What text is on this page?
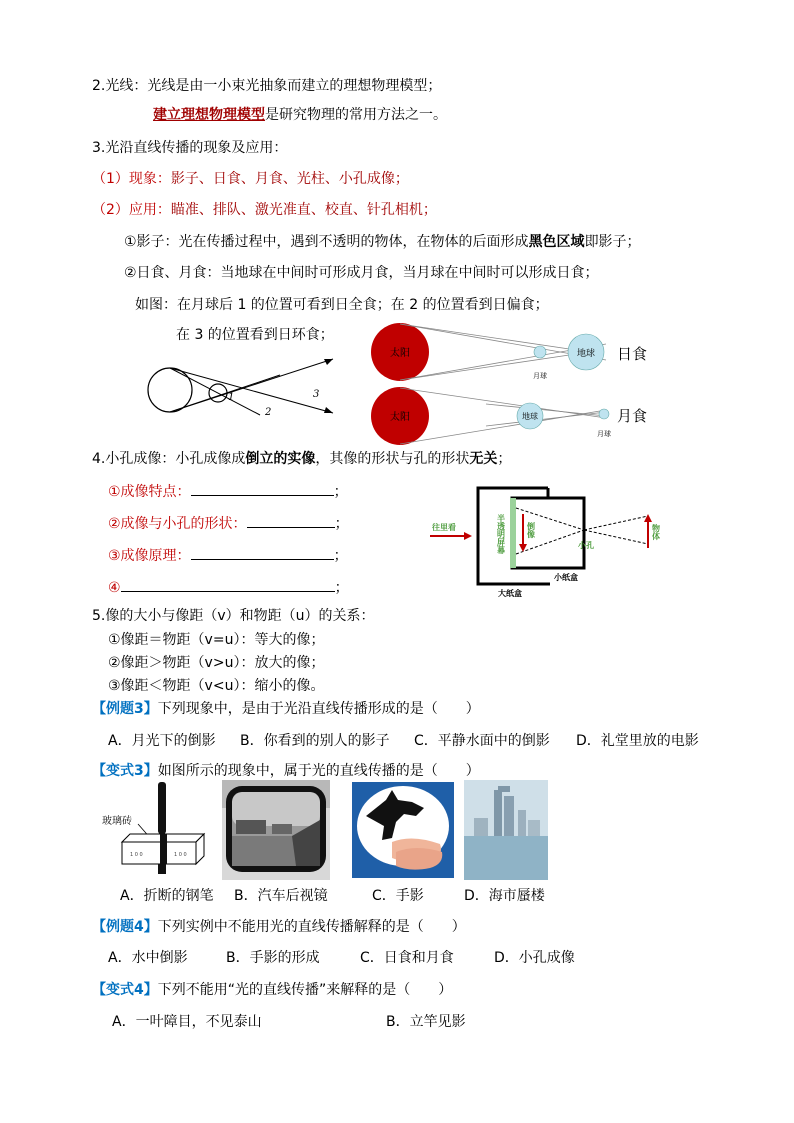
2.光线：光线是由一小束光抽象而建立的理想物理模型；
建立理想物理模型是研究物理的常用方法之一。
3.光沿直线传播的现象及应用：
（1）现象：影子、日食、月食、光柱、小孔成像；
（2）应用：瞄准、排队、激光准直、校直、针孔相机；
①影子：光在传播过程中，遇到不透明的物体，在物体的后面形成黑色区域即影子；
②日食、月食：当地球在中间时可形成月食，当月球在中间时可以形成日食；
如图：在月球后 1 的位置可看到日全食；在 2 的位置看到日偏食；
在 3 的位置看到日环食；
1
2
3
太阳	地球
月球
日食
太阳	地球
月球
月食
4.小孔成像：小孔成像成倒立的实像，其像的形状与孔的形状无关；
①成像特点：	；
②成像与小孔的形状：	；
③成像原理：	；
④	；
往里看	半透明屏幕	倒像
小孔
物体
小纸盒
大纸盒
5.像的大小与像距（v）和物距（u）的关系：
①像距＝物距（v=u）：等大的像；
②像距＞物距（v>u）：放大的像；
③像距＜物距（v<u）：缩小的像。
【例题3】下列现象中，是由于光沿直线传播形成的是（　　）
A．月光下的倒影 B．你看到的别人的影子 C．平静水面中的倒影 D．礼堂里放的电影
【变式3】如图所示的现象中，属于光的直线传播的是（　　）
玻璃砖
1 0 0	1 0 0
A．折断的钢笔 B．汽车后视镜	C．手影	D．海市蜃楼
【例题4】下列实例中不能用光的直线传播解释的是（　　）
A．水中倒影	B．手影的形成	C．日食和月食	D．小孔成像
【变式4】下列不能用“光的直线传播”来解释的是（　　）
A．一叶障目，不见泰山	B．立竿见影
